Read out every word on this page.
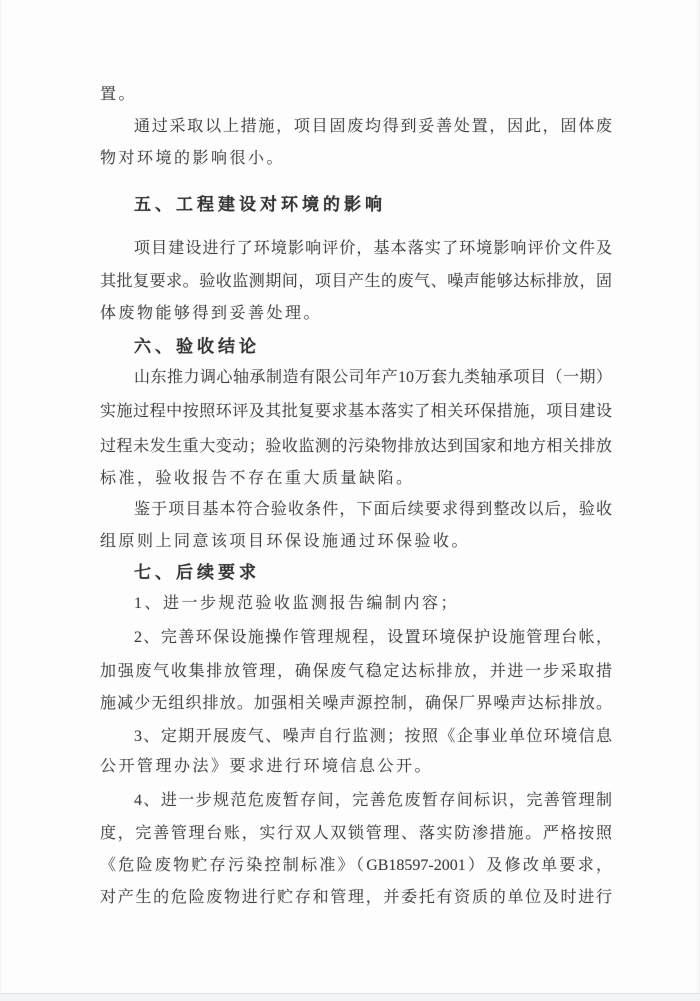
置。
通过采取以上措施，项目固废均得到妥善处置，因此，固体废
物对环境的影响很小。
五、工程建设对环境的影响
项目建设进行了环境影响评价，基本落实了环境影响评价文件及
其批复要求。验收监测期间，项目产生的废气、噪声能够达标排放，固
体废物能够得到妥善处理。
六、验收结论
山东推力调心轴承制造有限公司年产10万套九类轴承项目（一期）
实施过程中按照环评及其批复要求基本落实了相关环保措施，项目建设
过程未发生重大变动；验收监测的污染物排放达到国家和地方相关排放
标准，验收报告不存在重大质量缺陷。
鉴于项目基本符合验收条件，下面后续要求得到整改以后，验收
组原则上同意该项目环保设施通过环保验收。
七、后续要求
1、进一步规范验收监测报告编制内容；
2、完善环保设施操作管理规程，设置环境保护设施管理台帐，
加强废气收集排放管理，确保废气稳定达标排放，并进一步采取措
施减少无组织排放。加强相关噪声源控制，确保厂界噪声达标排放。
3、定期开展废气、噪声自行监测；按照《企事业单位环境信息
公开管理办法》要求进行环境信息公开。
4、进一步规范危废暂存间，完善危废暂存间标识，完善管理制
度，完善管理台账，实行双人双锁管理、落实防渗措施。严格按照
《危险废物贮存污染控制标准》（GB18597-2001）及修改单要求，
对产生的危险废物进行贮存和管理，并委托有资质的单位及时进行
